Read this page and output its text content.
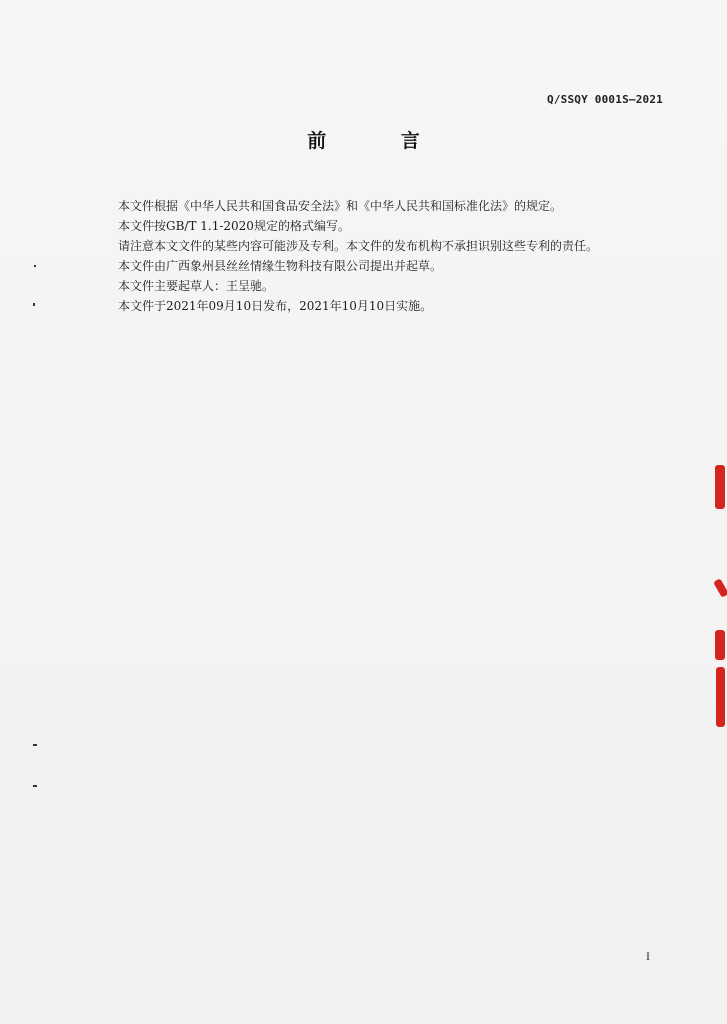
Q/SSQY 0001S—2021
前 言
本文件根据《中华人民共和国食品安全法》和《中华人民共和国标准化法》的规定。
本文件按GB/T 1.1-2020规定的格式编写。
请注意本文文件的某些内容可能涉及专利。本文件的发布机构不承担识别这些专利的责任。
本文件由广西象州县丝丝情缘生物科技有限公司提出并起草。
本文件主要起草人：王呈驰。
本文件于2021年09月10日发布，2021年10月10日实施。
I
